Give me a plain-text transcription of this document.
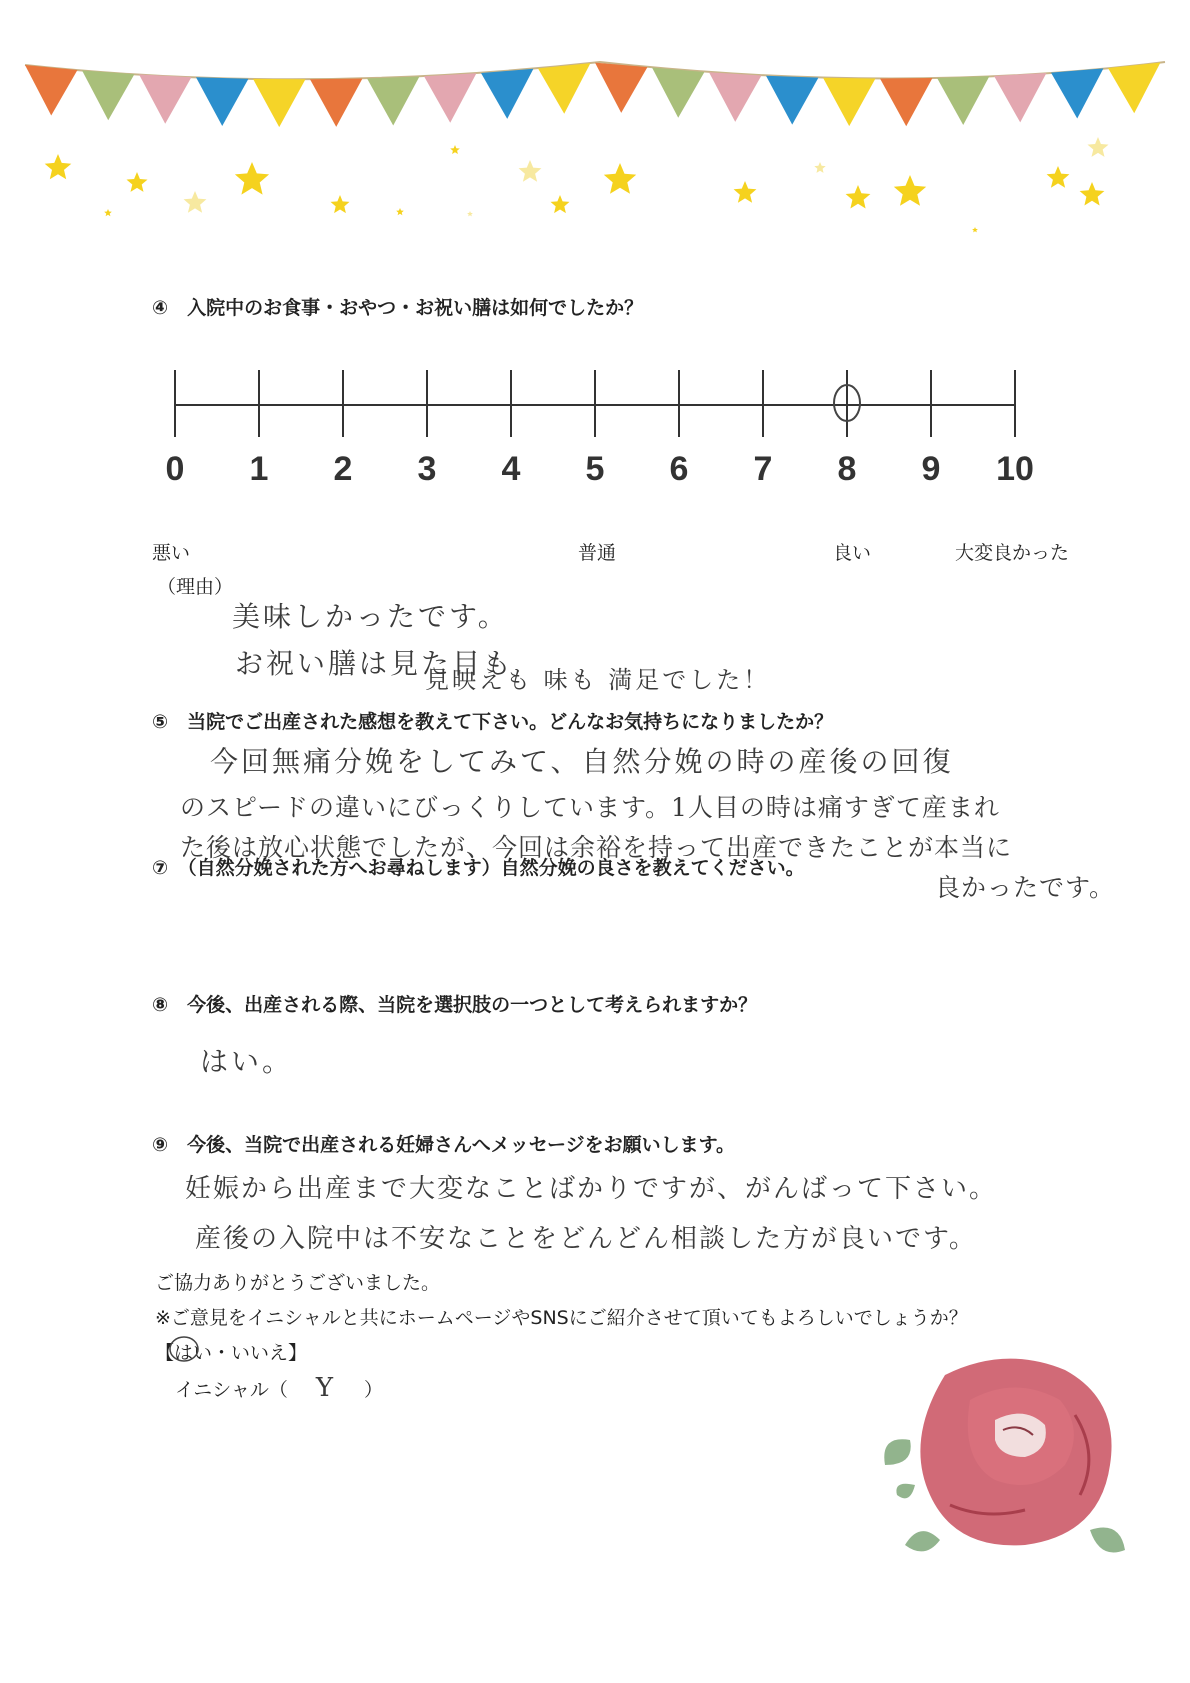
④　入院中のお食事・おやつ・お祝い膳は如何でしたか？
0 1 2 3 4 5 6 7 8 9 10
悪い	普通	良い	大変良かった
（理由）
美味しかったです。
お祝い膳は見た目も
見映えも 味も 満足でした！
⑤　当院でご出産された感想を教えて下さい。どんなお気持ちになりましたか？
今回無痛分娩をしてみて、自然分娩の時の産後の回復
のスピードの違いにびっくりしています。1人目の時は痛すぎて産まれ
た後は放心状態でしたが、今回は余裕を持って出産できたことが本当に
良かったです。
⑦　（自然分娩された方へお尋ねします）自然分娩の良さを教えてください。
⑧　今後、出産される際、当院を選択肢の一つとして考えられますか？
はい。
⑨　今後、当院で出産される妊婦さんへメッセージをお願いします。
妊娠から出産まで大変なことばかりですが、がんばって下さい。
産後の入院中は不安なことをどんどん相談した方が良いです。
ご協力ありがとうございました。
※ご意見をイニシャルと共にホームページやSNSにご紹介させて頂いてもよろしいでしょうか？
【はい・いいえ】
イニシャル（ Y ）
